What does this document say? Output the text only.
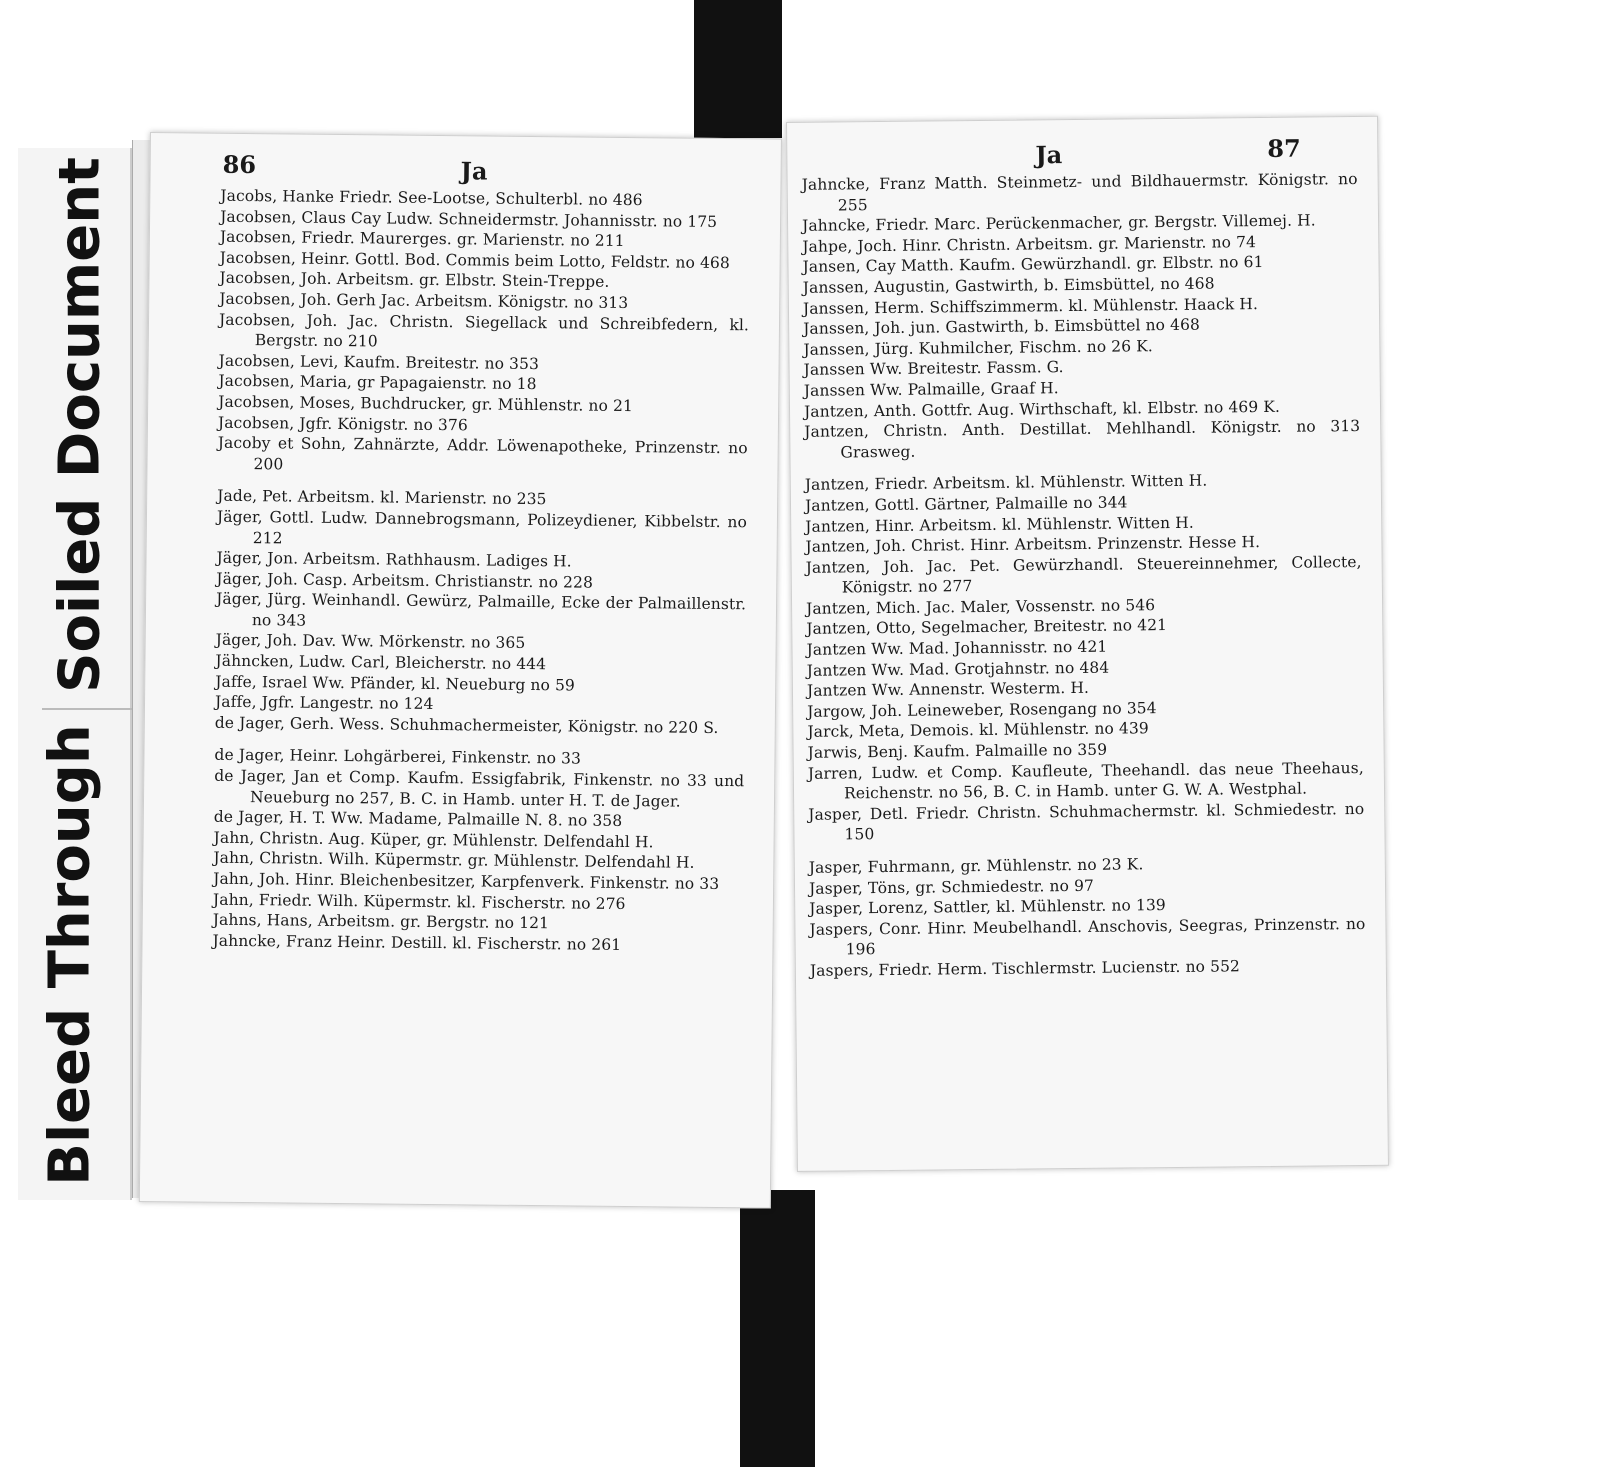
Soiled Document
Bleed Through
86	Ja
Jacobs, Hanke Friedr. See-Lootse, Schulterbl. no 486
Jacobsen, Claus Cay Ludw. Schneidermstr. Johannisstr. no 175
Jacobsen, Friedr. Maurerges. gr. Marienstr. no 211
Jacobsen, Heinr. Gottl. Bod. Commis beim Lotto, Feldstr. no 468
Jacobsen, Joh. Arbeitsm. gr. Elbstr. Stein-Treppe.
Jacobsen, Joh. Gerh Jac. Arbeitsm. Königstr. no 313
Jacobsen, Joh. Jac. Christn. Siegellack und Schreibfedern, kl. Bergstr. no 210
Jacobsen, Levi, Kaufm. Breitestr. no 353
Jacobsen, Maria, gr Papagaienstr. no 18
Jacobsen, Moses, Buchdrucker, gr. Mühlenstr. no 21
Jacobsen, Jgfr. Königstr. no 376
Jacoby et Sohn, Zahnärzte, Addr. Löwenapotheke, Prinzenstr. no 200
Jade, Pet. Arbeitsm. kl. Marienstr. no 235
Jäger, Gottl. Ludw. Dannebrogsmann, Polizeydiener, Kibbelstr. no 212
Jäger, Jon. Arbeitsm. Rathhausm. Ladiges H.
Jäger, Joh. Casp. Arbeitsm. Christianstr. no 228
Jäger, Jürg. Weinhandl. Gewürz, Palmaille, Ecke der Palmaillenstr. no 343
Jäger, Joh. Dav. Ww. Mörkenstr. no 365
Jähncken, Ludw. Carl, Bleicherstr. no 444
Jaffe, Israel Ww. Pfänder, kl. Neueburg no 59
Jaffe, Jgfr. Langestr. no 124
de Jager, Gerh. Wess. Schuhmachermeister, Königstr. no 220 S.
de Jager, Heinr. Lohgärberei, Finkenstr. no 33
de Jager, Jan et Comp. Kaufm. Essigfabrik, Finkenstr. no 33 und Neueburg no 257, B. C. in Hamb. unter H. T. de Jager.
de Jager, H. T. Ww. Madame, Palmaille N. 8. no 358
Jahn, Christn. Aug. Küper, gr. Mühlenstr. Delfendahl H.
Jahn, Christn. Wilh. Küpermstr. gr. Mühlenstr. Delfendahl H.
Jahn, Joh. Hinr. Bleichenbesitzer, Karpfenverk. Finkenstr. no 33
Jahn, Friedr. Wilh. Küpermstr. kl. Fischerstr. no 276
Jahns, Hans, Arbeitsm. gr. Bergstr. no 121
Jahncke, Franz Heinr. Destill. kl. Fischerstr. no 261
Ja	87
Jahncke, Franz Matth. Steinmetz- und Bildhauermstr. Königstr. no 255
Jahncke, Friedr. Marc. Perückenmacher, gr. Bergstr. Villemej. H.
Jahpe, Joch. Hinr. Christn. Arbeitsm. gr. Marienstr. no 74
Jansen, Cay Matth. Kaufm. Gewürzhandl. gr. Elbstr. no 61
Janssen, Augustin, Gastwirth, b. Eimsbüttel, no 468
Janssen, Herm. Schiffszimmerm. kl. Mühlenstr. Haack H.
Janssen, Joh. jun. Gastwirth, b. Eimsbüttel no 468
Janssen, Jürg. Kuhmilcher, Fischm. no 26 K.
Janssen Ww. Breitestr. Fassm. G.
Janssen Ww. Palmaille, Graaf H.
Jantzen, Anth. Gottfr. Aug. Wirthschaft, kl. Elbstr. no 469 K.
Jantzen, Christn. Anth. Destillat. Mehlhandl. Königstr. no 313 Grasweg.
Jantzen, Friedr. Arbeitsm. kl. Mühlenstr. Witten H.
Jantzen, Gottl. Gärtner, Palmaille no 344
Jantzen, Hinr. Arbeitsm. kl. Mühlenstr. Witten H.
Jantzen, Joh. Christ. Hinr. Arbeitsm. Prinzenstr. Hesse H.
Jantzen, Joh. Jac. Pet. Gewürzhandl. Steuereinnehmer, Collecte, Königstr. no 277
Jantzen, Mich. Jac. Maler, Vossenstr. no 546
Jantzen, Otto, Segelmacher, Breitestr. no 421
Jantzen Ww. Mad. Johannisstr. no 421
Jantzen Ww. Mad. Grotjahnstr. no 484
Jantzen Ww. Annenstr. Westerm. H.
Jargow, Joh. Leineweber, Rosengang no 354
Jarck, Meta, Demois. kl. Mühlenstr. no 439
Jarwis, Benj. Kaufm. Palmaille no 359
Jarren, Ludw. et Comp. Kaufleute, Theehandl. das neue Theehaus, Reichenstr. no 56, B. C. in Hamb. unter G. W. A. Westphal.
Jasper, Detl. Friedr. Christn. Schuhmachermstr. kl. Schmiedestr. no 150
Jasper, Fuhrmann, gr. Mühlenstr. no 23 K.
Jasper, Töns, gr. Schmiedestr. no 97
Jasper, Lorenz, Sattler, kl. Mühlenstr. no 139
Jaspers, Conr. Hinr. Meubelhandl. Anschovis, Seegras, Prinzenstr. no 196
Jaspers, Friedr. Herm. Tischlermstr. Lucienstr. no 552
